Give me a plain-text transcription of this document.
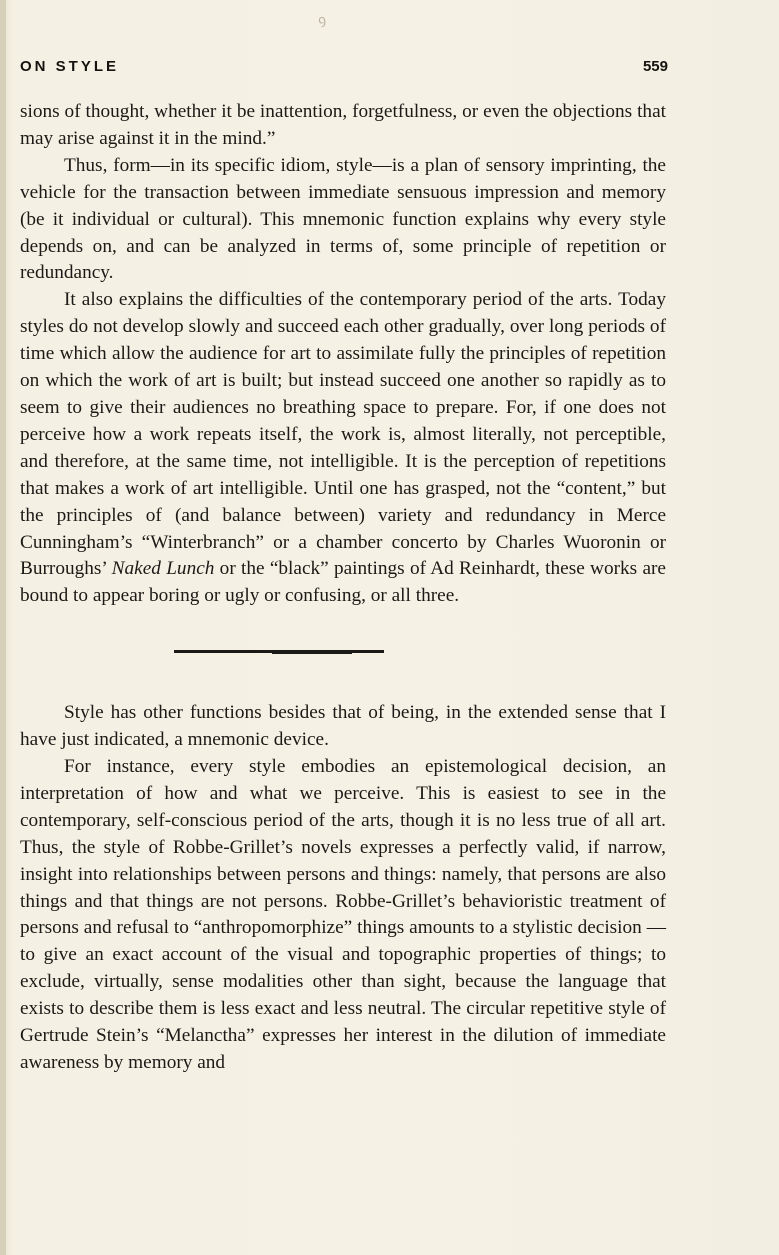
ꝯ
ON STYLE	559

sions of thought, whether it be inattention, forgetfulness, or even the objections that may arise against it in the mind.”

Thus, form—in its specific idiom, style—is a plan of sensory imprinting, the vehicle for the transaction between immediate sensuous impression and memory (be it individual or cultural). This mnemonic function explains why every style depends on, and can be analyzed in terms of, some principle of repetition or redundancy.

It also explains the difficulties of the contemporary period of the arts. Today styles do not develop slowly and succeed each other gradually, over long periods of time which allow the audience for art to assimilate fully the principles of repetition on which the work of art is built; but instead succeed one another so rapidly as to seem to give their audiences no breathing space to prepare. For, if one does not perceive how a work repeats itself, the work is, almost literally, not perceptible, and therefore, at the same time, not intelligible. It is the perception of repetitions that makes a work of art intelligible. Until one has grasped, not the “content,” but the principles of (and balance between) variety and redundancy in Merce Cunningham’s “Winterbranch” or a chamber concerto by Charles Wuoronin or Burroughs’ Naked Lunch or the “black” paintings of Ad Reinhardt, these works are bound to appear boring or ugly or confusing, or all three.

Style has other functions besides that of being, in the extended sense that I have just indicated, a mnemonic device.

For instance, every style embodies an epistemological decision, an interpretation of how and what we perceive. This is easiest to see in the contemporary, self-conscious period of the arts, though it is no less true of all art. Thus, the style of Robbe-Grillet’s novels expresses a perfectly valid, if narrow, insight into relationships between persons and things: namely, that persons are also things and that things are not persons. Robbe-Grillet’s behavioristic treatment of persons and refusal to “anthropomorphize” things amounts to a stylistic decision —to give an exact account of the visual and topographic properties of things; to exclude, virtually, sense modalities other than sight, because the language that exists to describe them is less exact and less neutral. The circular repetitive style of Gertrude Stein’s “Melanctha” expresses her interest in the dilution of immediate awareness by memory and
